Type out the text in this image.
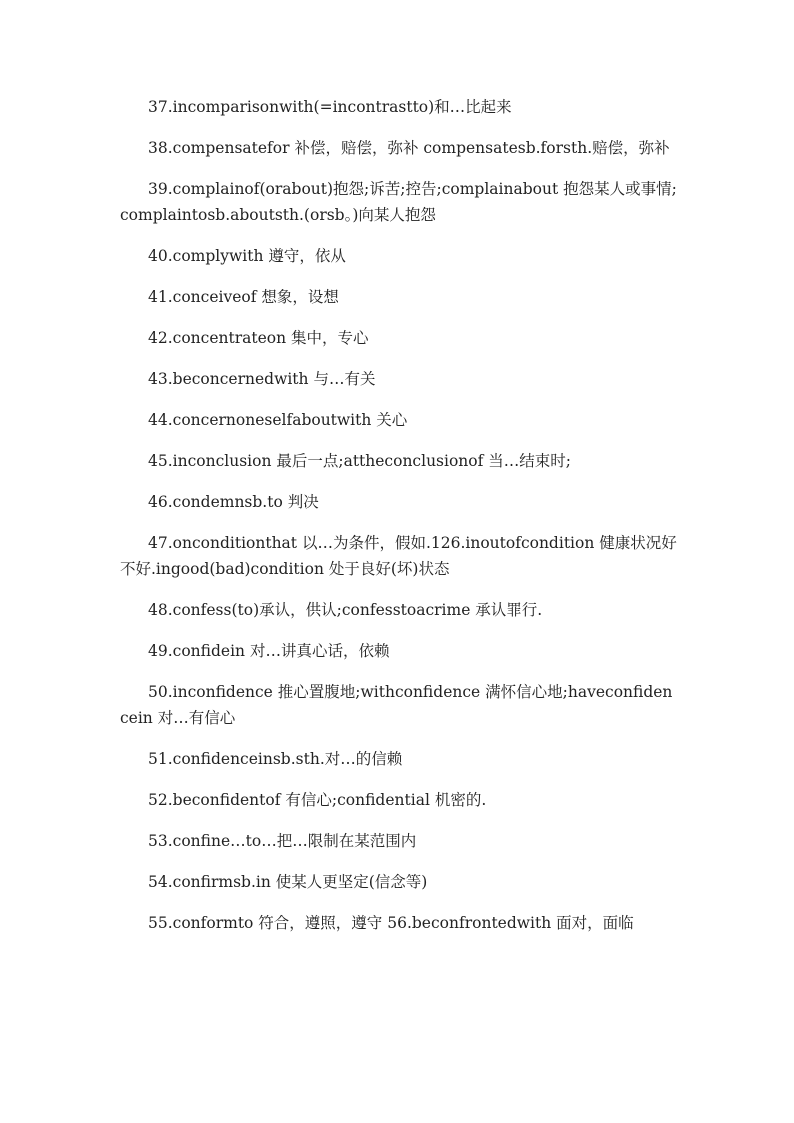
37.incomparisonwith(=incontrastto)和…比起来

38.compensatefor 补偿，赔偿，弥补 compensatesb.forsth.赔偿，弥补

39.complainof(orabout)抱怨;诉苦;控告;complainabout 抱怨某人或事情;complaintosb.aboutsth.(orsb。)向某人抱怨

40.complywith 遵守，依从

41.conceiveof 想象，设想

42.concentrateon 集中，专心

43.beconcernedwith 与…有关

44.concernoneselfaboutwith 关心

45.inconclusion 最后一点;attheconclusionof 当…结束时;

46.condemnsb.to 判决

47.onconditionthat 以…为条件，假如.126.inoutofcondition 健康状况好不好.ingood(bad)condition 处于良好(坏)状态

48.confess(to)承认，供认;confesstoacrime 承认罪行.

49.confidein 对…讲真心话，依赖

50.inconfidence 推心置腹地;withconfidence 满怀信心地;haveconfidencein 对…有信心

51.confidenceinsb.sth.对…的信赖

52.beconfidentof 有信心;confidential 机密的.

53.confine…to…把…限制在某范围内

54.confirmsb.in 使某人更坚定(信念等)

55.conformto 符合，遵照，遵守 56.beconfrontedwith 面对，面临
